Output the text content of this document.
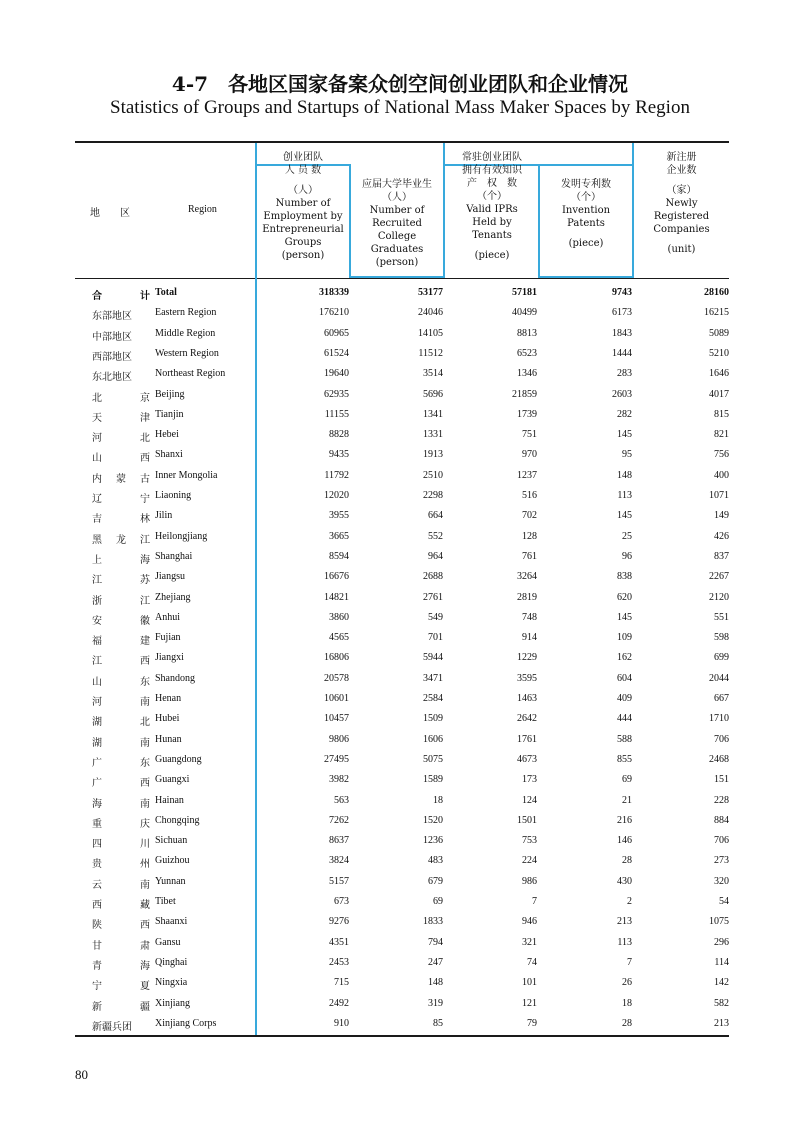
4-7　各地区国家备案众创空间创业团队和企业情况
Statistics of Groups and Startups of National Mass Maker Spaces by Region
地　　区	Region
创业团队
人 员 数
（人）
Number of
Employment by
Entrepreneurial
Groups
(person)
应届大学毕业生
（人）
Number of
Recruited
College Graduates
(person)
常驻创业团队
拥有有效知识
产　权　数
（个）
Valid IPRs
Held by
Tenants
(piece)
发明专利数
（个）
Invention
Patents
(piece)
新注册
企业数
（家）
Newly
Registered
Companies
(unit)
合　计 Total	318339	53177	57181	9743	28160
东部地区	Eastern Region	176210	24046	40499	6173	16215
中部地区	Middle Region	60965	14105	8813	1843	5089
西部地区	Western Region	61524	11512	6523	1444	5210
东北地区	Northeast Region	19640	3514	1346	283	1646
北　京 Beijing	62935	5696	21859	2603	4017
天　津 Tianjin	11155	1341	1739	282	815
河　北 Hebei	8828	1331	751	145	821
山　西 Shanxi	9435	1913	970	95	756
内蒙古 Inner Mongolia	11792	2510	1237	148	400
辽　宁 Liaoning	12020	2298	516	113	1071
吉　林 Jilin	3955	664	702	145	149
黑龙江 Heilongjiang	3665	552	128	25	426
上　海 Shanghai	8594	964	761	96	837
江　苏 Jiangsu	16676	2688	3264	838	2267
浙　江 Zhejiang	14821	2761	2819	620	2120
安　徽 Anhui	3860	549	748	145	551
福　建 Fujian	4565	701	914	109	598
江　西 Jiangxi	16806	5944	1229	162	699
山　东 Shandong	20578	3471	3595	604	2044
河　南 Henan	10601	2584	1463	409	667
湖　北 Hubei	10457	1509	2642	444	1710
湖　南 Hunan	9806	1606	1761	588	706
广　东 Guangdong	27495	5075	4673	855	2468
广　西 Guangxi	3982	1589	173	69	151
海　南 Hainan	563	18	124	21	228
重　庆 Chongqing	7262	1520	1501	216	884
四　川 Sichuan	8637	1236	753	146	706
贵　州 Guizhou	3824	483	224	28	273
云　南 Yunnan	5157	679	986	430	320
西　藏 Tibet	673	69	7	2	54
陕　西 Shaanxi	9276	1833	946	213	1075
甘　肃 Gansu	4351	794	321	113	296
青　海 Qinghai	2453	247	74	7	114
宁　夏 Ningxia	715	148	101	26	142
新　疆 Xinjiang	2492	319	121	18	582
新疆兵团	Xinjiang Corps	910	85	79	28	213
80
